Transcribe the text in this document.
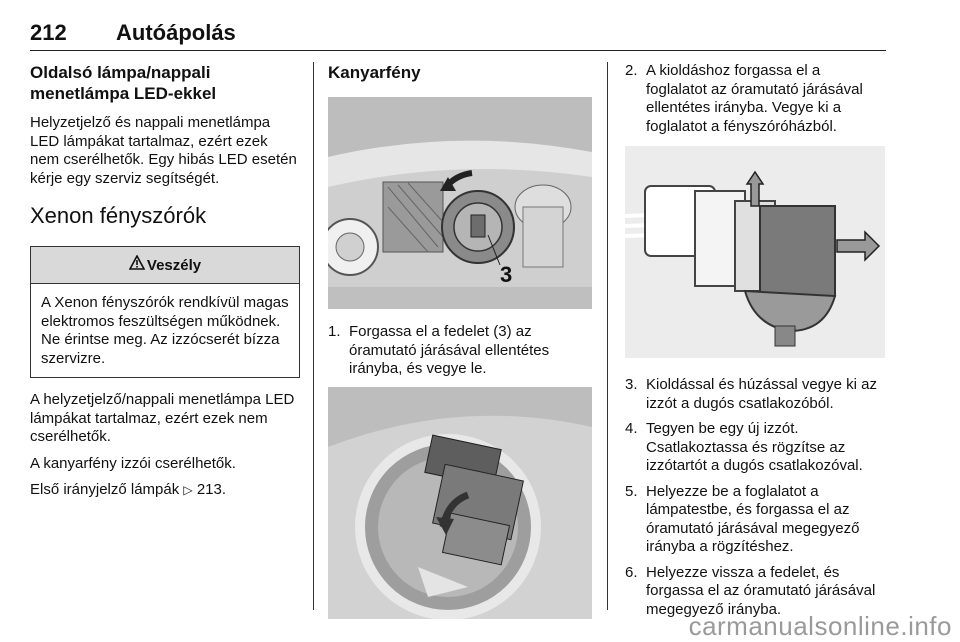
212 Autóápolás
Oldalsó lámpa/nappali menetlámpa LED-ekkel

Helyzetjelző és nappali menetlámpa LED lámpákat tartalmaz, ezért ezek nem cserélhetők. Egy hibás LED esetén kérje egy szerviz segítségét.

Xenon fényszórók
Veszély

A Xenon fényszórók rendkívül magas elektromos feszültségen működnek. Ne érintse meg. Az izzócserét bízza szervizre.

A helyzetjelző/nappali menetlámpa LED lámpákat tartalmaz, ezért ezek nem cserélhetők.

A kanyarfény izzói cserélhetők.

Első irányjelző lámpák ▷ 213.

Kanyarfény
3
1. Forgassa el a fedelet (3) az óramutató járásával ellentétes irányba, és vegye le.
2. A kioldáshoz forgassa el a foglalatot az óramutató járásával ellentétes irányba. Vegye ki a foglalatot a fényszóróházból.
3. Kioldással és húzással vegye ki az izzót a dugós csatlakozóból.
4. Tegyen be egy új izzót. Csatlakoztassa és rögzítse az izzótartót a dugós csatlakozóval.
5. Helyezze be a foglalatot a lámpatestbe, és forgassa el az óramutató járásával megegyező irányba a rögzítéshez.
6. Helyezze vissza a fedelet, és forgassa el az óramutató járásával megegyező irányba.
carmanualsonline.info
